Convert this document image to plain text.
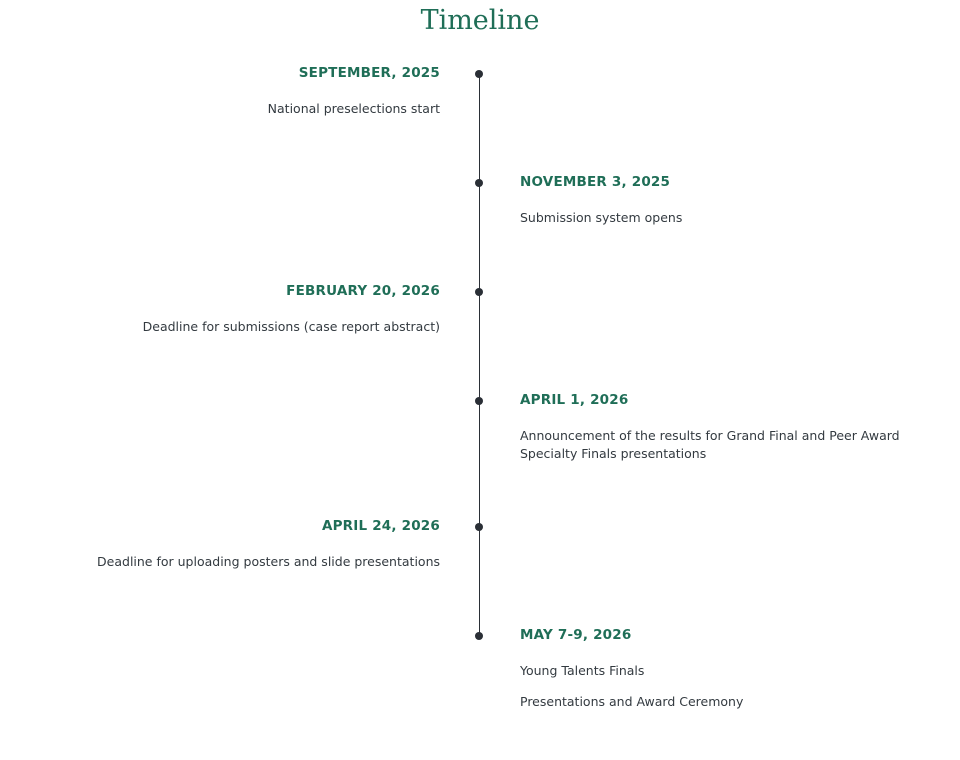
Timeline
SEPTEMBER, 2025
National preselections start
NOVEMBER 3, 2025
Submission system opens
FEBRUARY 20, 2026
Deadline for submissions (case report abstract)
APRIL 1, 2026
Announcement of the results for Grand Final and Peer Award Specialty Finals presentations
APRIL 24, 2026
Deadline for uploading posters and slide presentations
MAY 7-9, 2026
Young Talents Finals
Presentations and Award Ceremony
